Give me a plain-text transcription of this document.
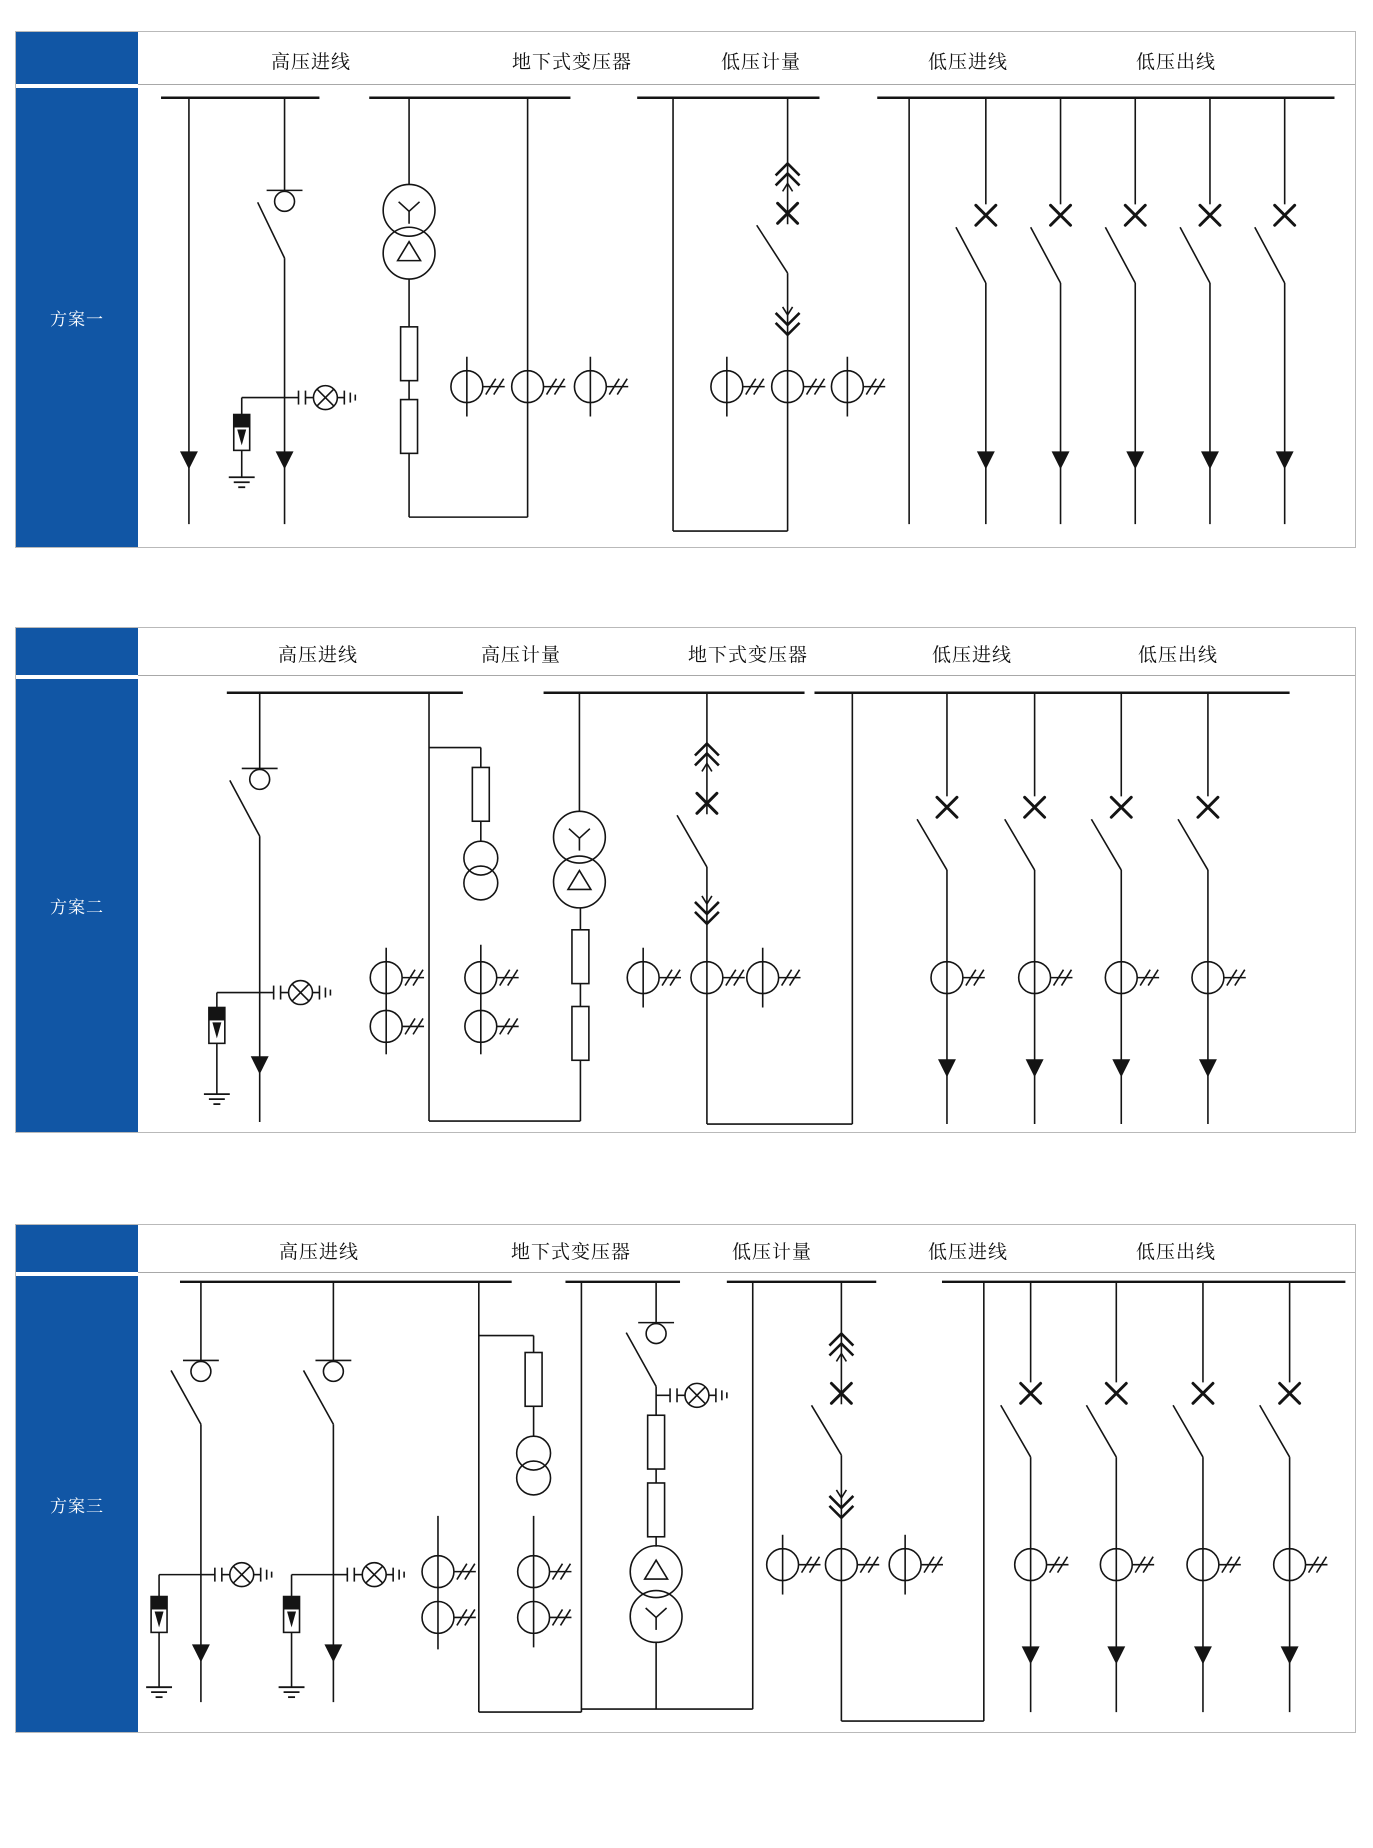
方案一
高压进线	地下式变压器	低压计量	低压进线	低压出线
方案二
高压进线	高压计量	地下式变压器	低压进线	低压出线
方案三
高压进线	地下式变压器	低压计量	低压进线	低压出线
